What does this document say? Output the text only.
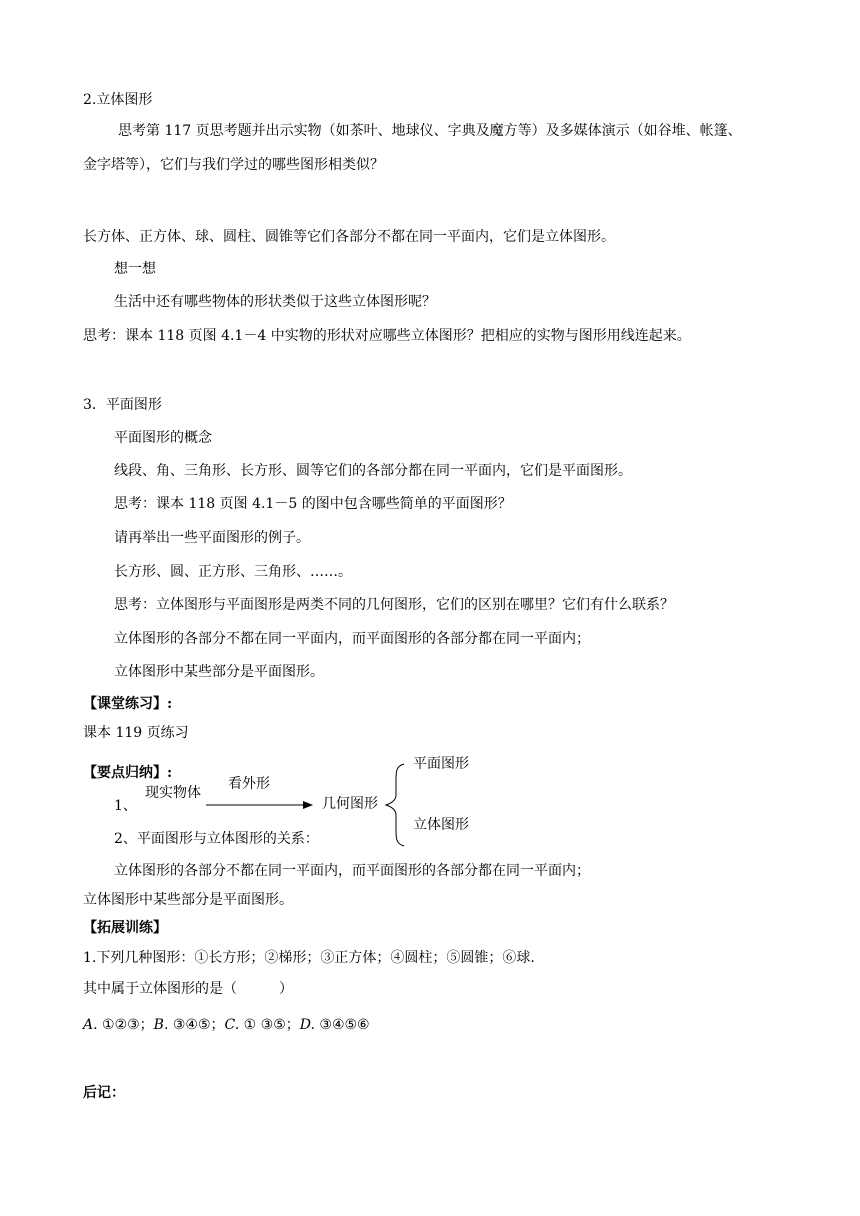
2.立体图形
思考第 117 页思考题并出示实物（如茶叶、地球仪、字典及魔方等）及多媒体演示（如谷堆、帐篷、
金字塔等），它们与我们学过的哪些图形相类似？
长方体、正方体、球、圆柱、圆锥等它们各部分不都在同一平面内，它们是立体图形。
想一想
生活中还有哪些物体的形状类似于这些立体图形呢？
思考：课本 118 页图 4.1－4 中实物的形状对应哪些立体图形？把相应的实物与图形用线连起来。
3．平面图形
平面图形的概念
线段、角、三角形、长方形、圆等它们的各部分都在同一平面内，它们是平面图形。
思考：课本 118 页图 4.1－5 的图中包含哪些简单的平面图形？
请再举出一些平面图形的例子。
长方形、圆、正方形、三角形、……。
思考：立体图形与平面图形是两类不同的几何图形，它们的区别在哪里？它们有什么联系？
立体图形的各部分不都在同一平面内，而平面图形的各部分都在同一平面内；
立体图形中某些部分是平面图形。
【课堂练习】:
课本 119 页练习
【要点归纳】:
1、
现实物体
看外形
几何图形
平面图形
立体图形
2、平面图形与立体图形的关系：
立体图形的各部分不都在同一平面内，而平面图形的各部分都在同一平面内；
立体图形中某些部分是平面图形。
【拓展训练】
1.下列几种图形：①长方形；②梯形；③正方体；④圆柱；⑤圆锥；⑥球.
其中属于立体图形的是（　　　）
A. ①②③；B. ③④⑤；C. ① ③⑤；D. ③④⑤⑥
后记：
